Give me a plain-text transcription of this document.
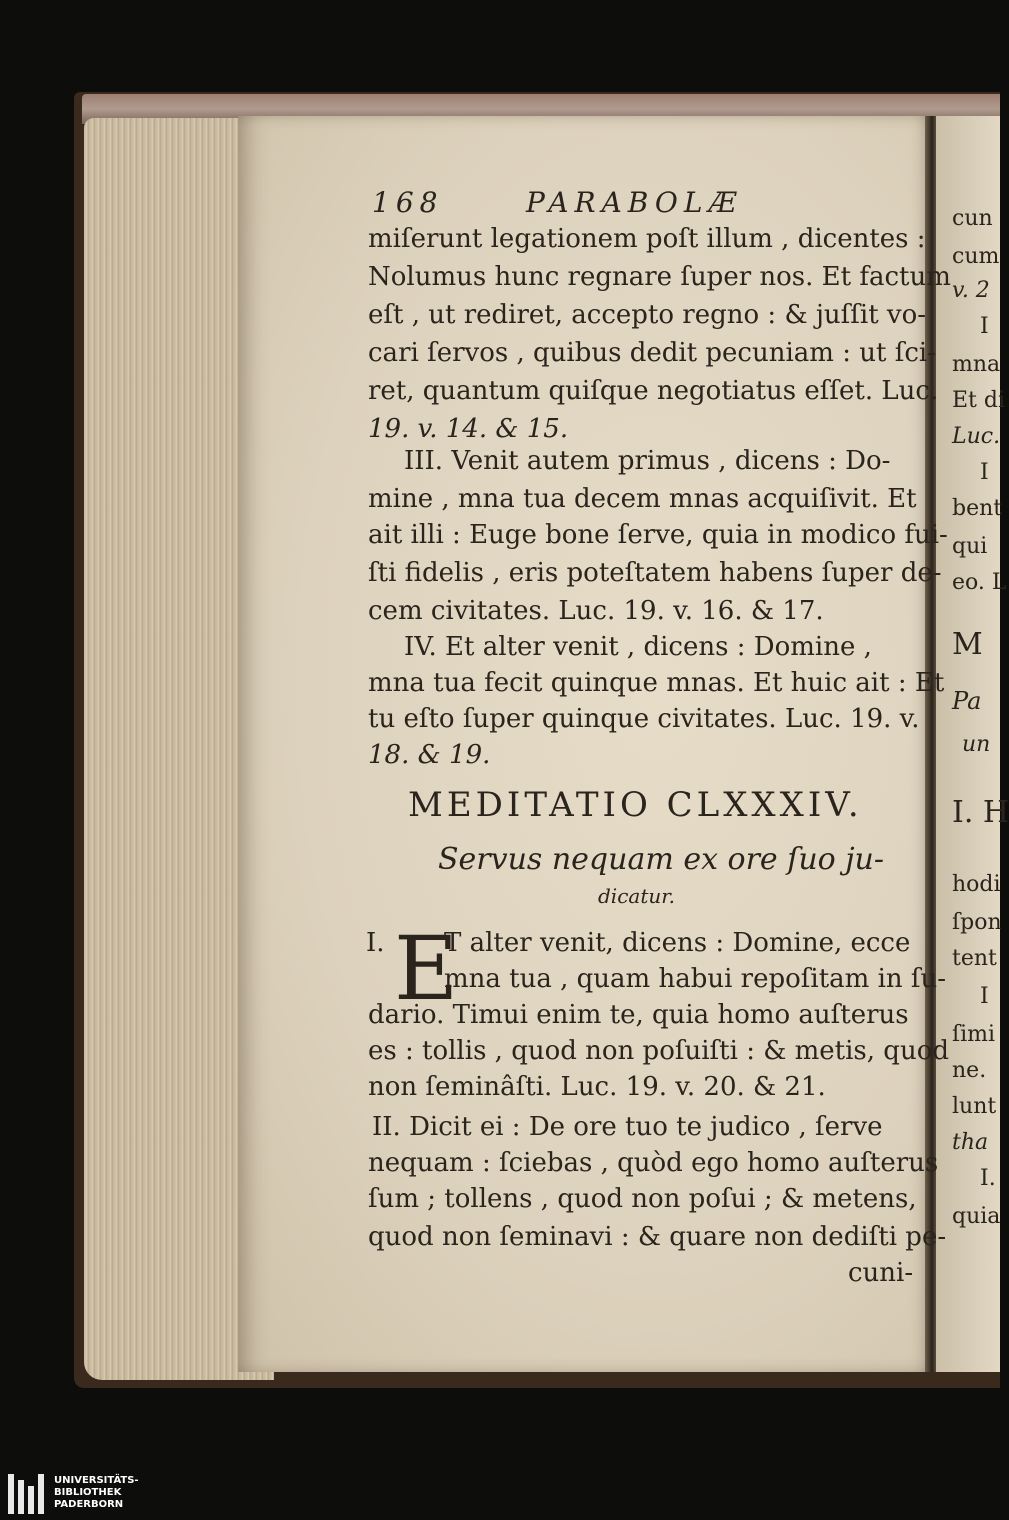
168	PARABOLÆ
miſerunt legationem poſt illum , dicentes :
Nolumus hunc regnare ſuper nos. Et factum
eſt , ut rediret, accepto regno : & juſſit vo-
cari ſervos , quibus dedit pecuniam : ut ſci-
ret, quantum quiſque negotiatus eſſet. Luc.
19. v. 14. & 15.
III. Venit autem primus , dicens : Do-
mine , mna tua decem mnas acquiſivit. Et
ait illi : Euge bone ſerve, quia in modico fui-
ſti fidelis , eris poteſtatem habens ſuper de-
cem civitates. Luc. 19. v. 16. & 17.
IV. Et alter venit , dicens : Domine ,
mna tua fecit quinque mnas. Et huic ait : Et
tu eſto ſuper quinque civitates. Luc. 19. v.
18. & 19.
MEDITATIO CLXXXIV.
Servus nequam ex ore ſuo ju-
dicatur.
I. E
T alter venit, dicens : Domine, ecce
mna tua , quam habui repoſitam in ſu-
dario. Timui enim te, quia homo auſterus
es : tollis , quod non poſuiſti : & metis, quod
non ſeminâſti. Luc. 19. v. 20. & 21.
II. Dicit ei : De ore tuo te judico , ſerve
nequam : ſciebas , quòd ego homo auſterus
ſum ; tollens , quod non poſui ; & metens,
quod non ſeminavi : & quare non dediſti pe-
cuni-
cun
cum
v. 2
I
mna
Et di
Luc.
I
bent
qui
eo. L
M
Pa
un
I. H
hodi
ſpon
tent
I
ſimi
ne.
lunt
tha
I.
quia
UNIVERSITÄTS-
BIBLIOTHEK
PADERBORN
